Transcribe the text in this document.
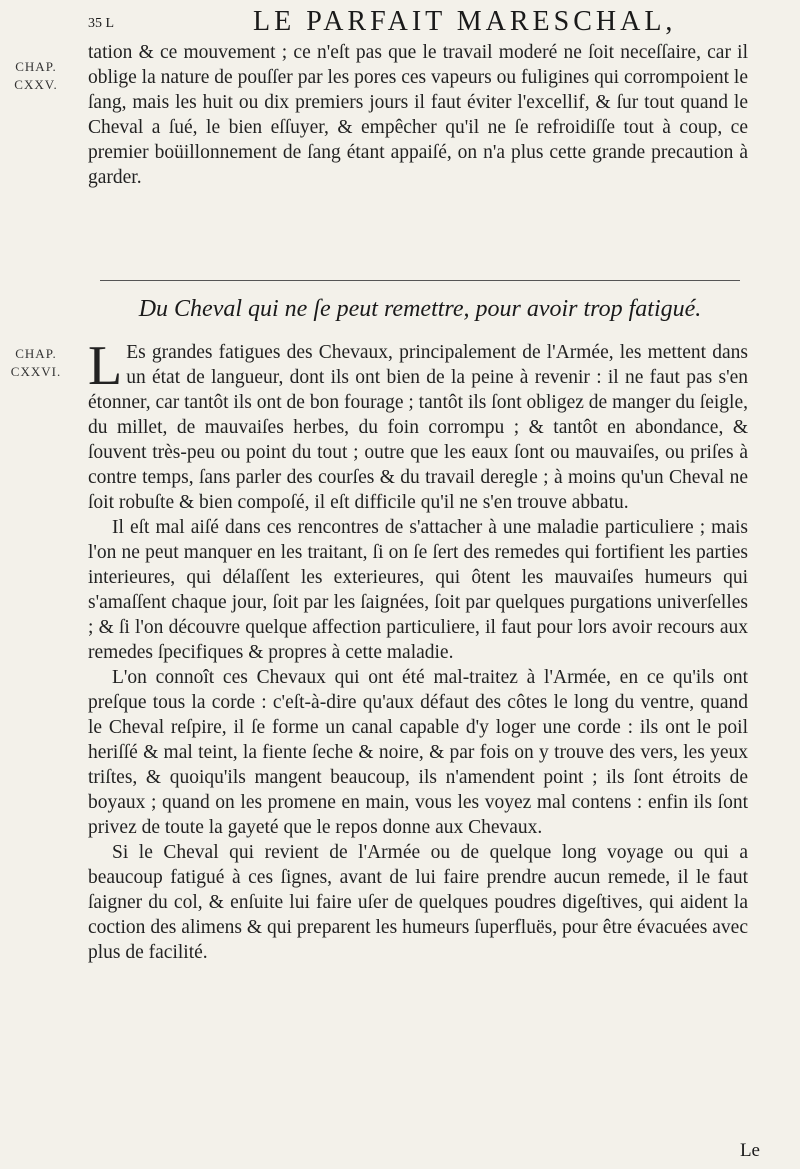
35 L	LE PARFAIT MARESCHAL,
CHAP.
CXXV.

tation & ce mouvement ; ce n'eſt pas que le travail moderé ne ſoit neceſſaire, car il oblige la nature de pouſſer par les pores ces vapeurs ou fuligines qui corrompoient le ſang, mais les huit ou dix premiers jours il faut éviter l'excellif, & ſur tout quand le Cheval a ſué, le bien eſſuyer, & empêcher qu'il ne ſe refroidiſſe tout à coup, ce premier boüillonnement de ſang étant appaiſé, on n'a plus cette grande precaution à garder.

Du Cheval qui ne ſe peut remettre, pour avoir trop fatigué.
CHAP.
CXXVI. L Es grandes fatigues des Chevaux, principalement de l'Armée, les mettent dans un état de langueur, dont ils ont bien de la peine à revenir : il ne faut pas s'en étonner, car tantôt ils ont de bon fourage ; tantôt ils ſont obligez de manger du ſeigle, du millet, de mauvaiſes herbes, du foin corrompu ; & tantôt en abondance, & ſouvent très-peu ou point du tout ; outre que les eaux ſont ou mauvaiſes, ou priſes à contre temps, ſans parler des courſes & du travail deregle ; à moins qu'un Cheval ne ſoit robuſte & bien compoſé, il eſt difficile qu'il ne s'en trouve abbatu.

Il eſt mal aiſé dans ces rencontres de s'attacher à une maladie particuliere ; mais l'on ne peut manquer en les traitant, ſi on ſe ſert des remedes qui fortifient les parties interieures, qui délaſſent les exterieures, qui ôtent les mauvaiſes humeurs qui s'amaſſent chaque jour, ſoit par les ſaignées, ſoit par quelques purgations univerſelles ; & ſi l'on découvre quelque affection particuliere, il faut pour lors avoir recours aux remedes ſpecifiques & propres à cette maladie.

L'on connoît ces Chevaux qui ont été mal-traitez à l'Armée, en ce qu'ils ont preſque tous la corde : c'eſt-à-dire qu'aux défaut des côtes le long du ventre, quand le Cheval reſpire, il ſe forme un canal capable d'y loger une corde : ils ont le poil heriſſé & mal teint, la fiente ſeche & noire, & par fois on y trouve des vers, les yeux triſtes, & quoiqu'ils mangent beaucoup, ils n'amendent point ; ils ſont étroits de boyaux ; quand on les promene en main, vous les voyez mal contens : enfin ils ſont privez de toute la gayeté que le repos donne aux Chevaux.

Si le Cheval qui revient de l'Armée ou de quelque long voyage ou qui a beaucoup fatigué à ces ſignes, avant de lui faire prendre aucun remede, il le faut ſaigner du col, & enſuite lui faire uſer de quelques poudres digeſtives, qui aident la coction des alimens & qui preparent les humeurs ſuperfluës, pour être évacuées avec plus de facilité.

Le
